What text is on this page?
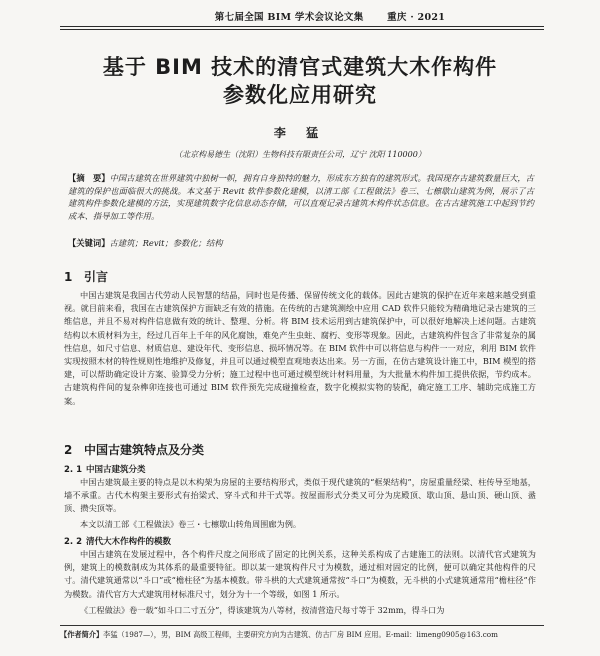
第七届全国 BIM 学术会议论文集 重庆 · 2021
基于 BIM 技术的清官式建筑大木作构件
参数化应用研究
李 猛
（北京构易德生（沈阳）生物科技有限责任公司，辽宁 沈阳 110000）
【摘　要】中国古建筑在世界建筑中独树一帜，拥有自身独特的魅力，形成东方独有的建筑形式。我国现存古建筑数量巨大，古建筑的保护也面临很大的挑战。本文基于 Revit 软件参数化建模，以清工部《工程做法》卷三、七檩歇山建筑为例，展示了古建筑构件参数化建模的方法，实现建筑数字化信息动态存储，可以直观记录古建筑木构件状态信息。在古古建筑施工中起到节约成本、指导加工等作用。
【关键词】古建筑；Revit；参数化；结构
1 引言
中国古建筑是我国古代劳动人民智慧的结晶，同时也是传播、保留传统文化的载体。因此古建筑的保护在近年来越来越受到重视。就目前来看，我国在古建筑保护方面缺乏有效的措施。在传统的古建筑测绘中应用 CAD 软件只能较为精确地记录古建筑的三维信息，并且不易对构件信息做有效的统计、整理、分析。将 BIM 技术运用到古建筑保护中，可以很好地解决上述问题。古建筑结构以木质材料为主，经过几百年上千年的风化腐蚀，难免产生虫蛀、腐朽、变形等现象。因此，古建筑构件包含了非常复杂的属性信息，如尺寸信息、材质信息、建设年代、变形信息、损坏情况等。在 BIM 软件中可以将信息与构件一一对应，利用 BIM 软件实现按照木材的特性规则性地维护及修复，并且可以通过模型直观地表达出来。另一方面，在仿古建筑设计施工中，BIM 模型的搭建，可以帮助确定设计方案、验算受力分析；施工过程中也可通过模型统计材料用量，为大批量木构件加工提供依据，节约成本。古建筑构件间的复杂榫卯连接也可通过 BIM 软件预先完成碰撞检查，数字化模拟实物的装配，确定施工工序、辅助完成施工方案。
2 中国古建筑特点及分类
2. 1 中国古建筑分类
中国古建筑最主要的特点是以木构架为房屋的主要结构形式，类似于现代建筑的“框架结构”，房屋重量经梁、柱传导至地基，墙不承重。古代木构架主要形式有抬梁式、穿斗式和井干式等。按屋面形式分类又可分为庑殿顶、歇山顶、悬山顶、硬山顶、盝顶、攒尖顶等。
本文以清工部《工程做法》卷三・七檩歇山转角周围廊为例。
2. 2 清代大木作构件的模数
中国古建筑在发展过程中，各个构件尺度之间形成了固定的比例关系，这种关系构成了古建施工的法则。以清代官式建筑为例，建筑上的模数制成为其体系的最重要特征。即以某一建筑构件尺寸为模数，通过相对固定的比例，便可以确定其他构件的尺寸。清代建筑通常以“斗口”或“檐柱径”为基本模数。带斗栱的大式建筑通常按“斗口”为模数，无斗栱的小式建筑通常用“檐柱径”作为模数。清代官方大式建筑用材标准尺寸，划分为十一个等级，如图 1 所示。
《工程做法》卷一载“如斗口二寸五分”，得该建筑为八等材，按清营造尺每寸等于 32mm，得斗口为
【作者简介】李猛（1987—），男，BIM 高级工程师，主要研究方向为古建筑、仿古厂房 BIM 应用。E-mail：limeng0905@163.com
